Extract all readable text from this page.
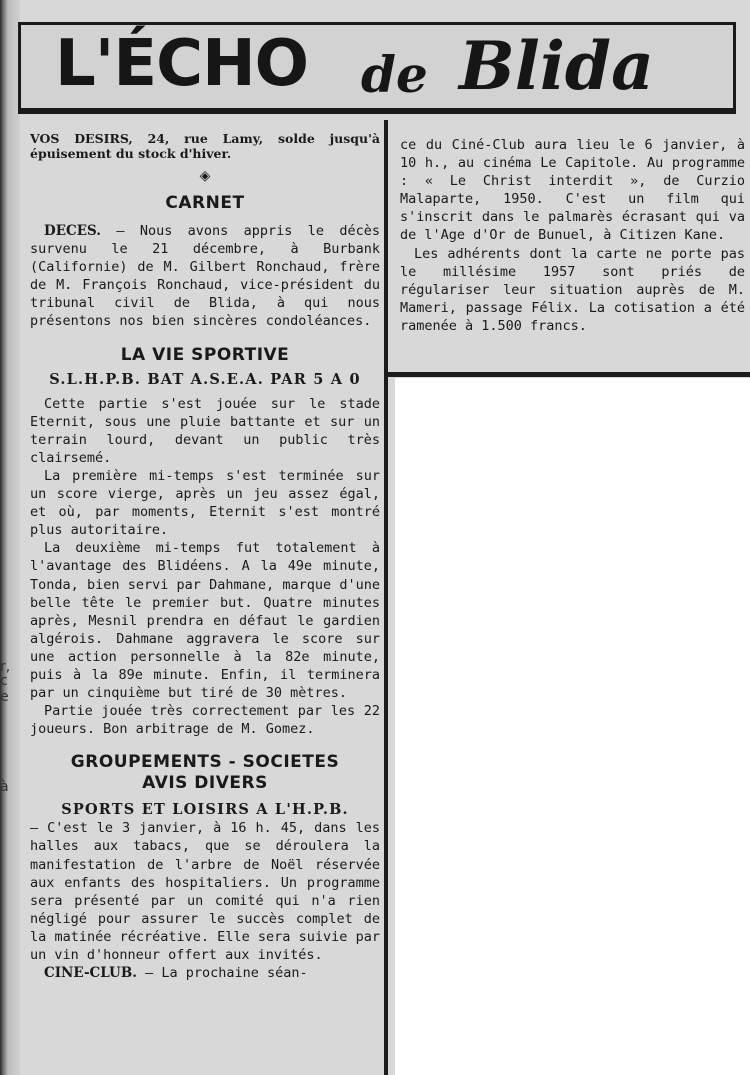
r,
c
e
à
L'ÉCHO de Blida

VOS DESIRS, 24, rue Lamy, solde jusqu'à épuisement du stock d'hiver.

◈
CARNET

DECES. — Nous avons appris le décès survenu le 21 décembre, à Burbank (Californie) de M. Gilbert Ronchaud, frère de M. François Ronchaud, vice-président du tribunal civil de Blida, à qui nous présentons nos bien sincères condoléances.

LA VIE SPORTIVE
S.L.H.P.B. BAT A.S.E.A. PAR 5 A 0

Cette partie s'est jouée sur le stade Eternit, sous une pluie battante et sur un terrain lourd, devant un public très clairsemé.

La première mi-temps s'est terminée sur un score vierge, après un jeu assez égal, et où, par moments, Eternit s'est montré plus autoritaire.

La deuxième mi-temps fut totalement à l'avantage des Blidéens. A la 49e minute, Tonda, bien servi par Dahmane, marque d'une belle tête le premier but. Quatre minutes après, Mesnil prendra en défaut le gardien algérois. Dahmane aggravera le score sur une action personnelle à la 82e minute, puis à la 89e minute. Enfin, il terminera par un cinquième but tiré de 30 mètres.

Partie jouée très correctement par les 22 joueurs. Bon arbitrage de M. Gomez.

GROUPEMENTS - SOCIETES
AVIS DIVERS
SPORTS ET LOISIRS A L'H.P.B.

— C'est le 3 janvier, à 16 h. 45, dans les halles aux tabacs, que se déroulera la manifestation de l'arbre de Noël réservée aux enfants des hospitaliers. Un programme sera présenté par un comité qui n'a rien négligé pour assurer le succès complet de la matinée récréative. Elle sera suivie par un vin d'honneur offert aux invités.

CINE-CLUB. — La prochaine séan-

ce du Ciné-Club aura lieu le 6 janvier, à 10 h., au cinéma Le Capitole. Au programme : « Le Christ interdit », de Curzio Malaparte, 1950. C'est un film qui s'inscrit dans le palmarès écrasant qui va de l'Age d'Or de Bunuel, à Citizen Kane.

Les adhérents dont la carte ne porte pas le millésime 1957 sont priés de régulariser leur situation auprès de M. Mameri, passage Félix. La cotisation a été ramenée à 1.500 francs.
